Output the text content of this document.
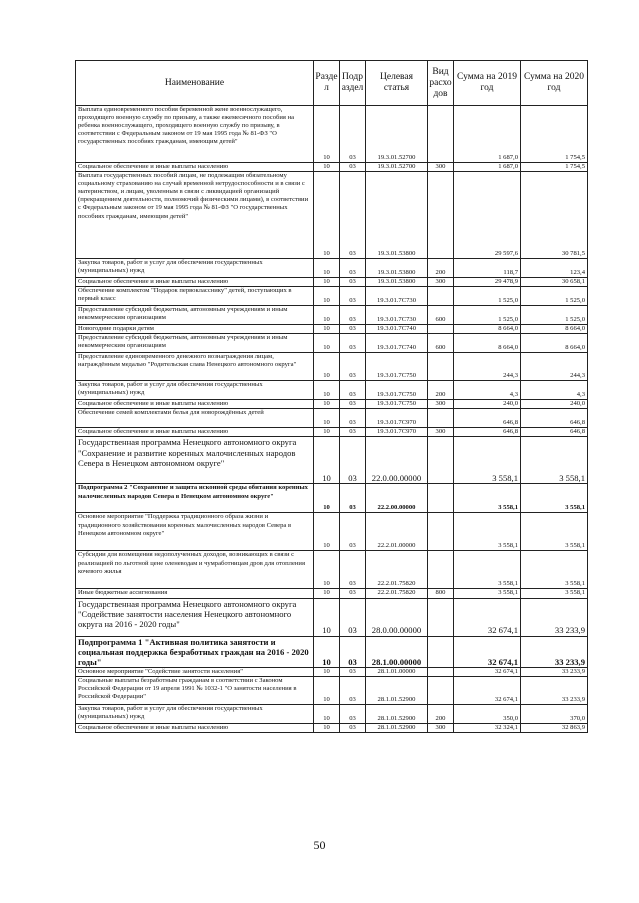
Наименование	Разде л	Подр аздел	Целевая статья	Вид расхо дов	Сумма на 2019 год	Сумма на 2020 год
Выплата единовременного пособия беременной жене военнослужащего, проходящего военную службу по призыву, а также ежемесячного пособия на ребенка военнослужащего, проходящего военную службу по призыву, в соответствии с Федеральным законом от 19 мая 1995 года № 81-ФЗ "О государственных пособиях гражданам, имеющим детей"	10	03	19.3.01.52700		1 687,0	1 754,5
Социальное обеспечение и иные выплаты населению	10	03	19.3.01.52700	300	1 687,0	1 754,5
Выплата государственных пособий лицам, не подлежащим обязательному социальному страхованию на случай временной нетрудоспособности и в связи с материнством, и лицам, уволенным в связи с ликвидацией организаций (прекращением деятельности, полномочий физическими лицами), в соответствии с Федеральным законом от 19 мая 1995 года № 81-ФЗ "О государственных пособиях гражданам, имеющим детей"	10	03	19.3.01.53800		29 597,6	30 781,5
Закупка товаров, работ и услуг для обеспечения государственных (муниципальных) нужд	10	03	19.3.01.53800	200	118,7	123,4
Социальное обеспечение и иные выплаты населению	10	03	19.3.01.53800	300	29 478,9	30 658,1
Обеспечение комплектом "Подарок первокласснику" детей, поступающих в первый класс	10	03	19.3.01.7С730		1 525,0	1 525,0
Предоставление субсидий бюджетным, автономным учреждениям и иным некоммерческим организациям	10	03	19.3.01.7С730	600	1 525,0	1 525,0
Новогодние подарки детям	10	03	19.3.01.7С740		8 664,0	8 664,0
Предоставление субсидий бюджетным, автономным учреждениям и иным некоммерческим организациям	10	03	19.3.01.7С740	600	8 664,0	8 664,0
Предоставление единовременного денежного вознаграждения лицам, награждённым медалью "Родительская слава Ненецкого автономного округа"	10	03	19.3.01.7С750		244,3	244,3
Закупка товаров, работ и услуг для обеспечения государственных (муниципальных) нужд	10	03	19.3.01.7С750	200	4,3	4,3
Социальное обеспечение и иные выплаты населению	10	03	19.3.01.7С750	300	240,0	240,0
Обеспечение семей комплектами белья для новорождённых детей	10	03	19.3.01.7С970		646,8	646,8
Социальное обеспечение и иные выплаты населению	10	03	19.3.01.7С970	300	646,8	646,8
Государственная программа Ненецкого автономного округа "Сохранение и развитие коренных малочисленных народов Севера в Ненецком автономном округе"	10	03	22.0.00.00000		3 558,1	3 558,1
Подпрограмма 2 "Сохранение и защита исконной среды обитания коренных малочисленных народов Севера в Ненецком автономном округе"	10	03	22.2.00.00000		3 558,1	3 558,1
Основное мероприятие "Поддержка традиционного образа жизни и традиционного хозяйствования коренных малочисленных народов Севера в Ненецком автономном округе"	10	03	22.2.01.00000		3 558,1	3 558,1
Субсидии для возмещения недополученных доходов, возникающих в связи с реализацией по льготной цене оленеводам и чумработницам дров для отопления кочевого жилья	10	03	22.2.01.75820		3 558,1	3 558,1
Иные бюджетные ассигнования	10	03	22.2.01.75820	800	3 558,1	3 558,1
Государственная программа Ненецкого автономного округа "Содействие занятости населения Ненецкого автономного округа на 2016 - 2020 годы"	10	03	28.0.00.00000		32 674,1	33 233,9
Подпрограмма 1 "Активная политика занятости и социальная поддержка безработных граждан на 2016 - 2020 годы"	10	03	28.1.00.00000		32 674,1	33 233,9
Основное мероприятие "Содействие занятости населения"	10	03	28.1.01.00000		32 674,1	33 233,9
Социальные выплаты безработным гражданам в соответствии с Законом Российской Федерации от 19 апреля 1991 № 1032-1 "О занятости населения в Российской Федерации"	10	03	28.1.01.52900		32 674,1	33 233,9
Закупка товаров, работ и услуг для обеспечения государственных (муниципальных) нужд	10	03	28.1.01.52900	200	350,0	370,0
Социальное обеспечение и иные выплаты населению	10	03	28.1.01.52900	300	32 324,1	32 863,9
50
